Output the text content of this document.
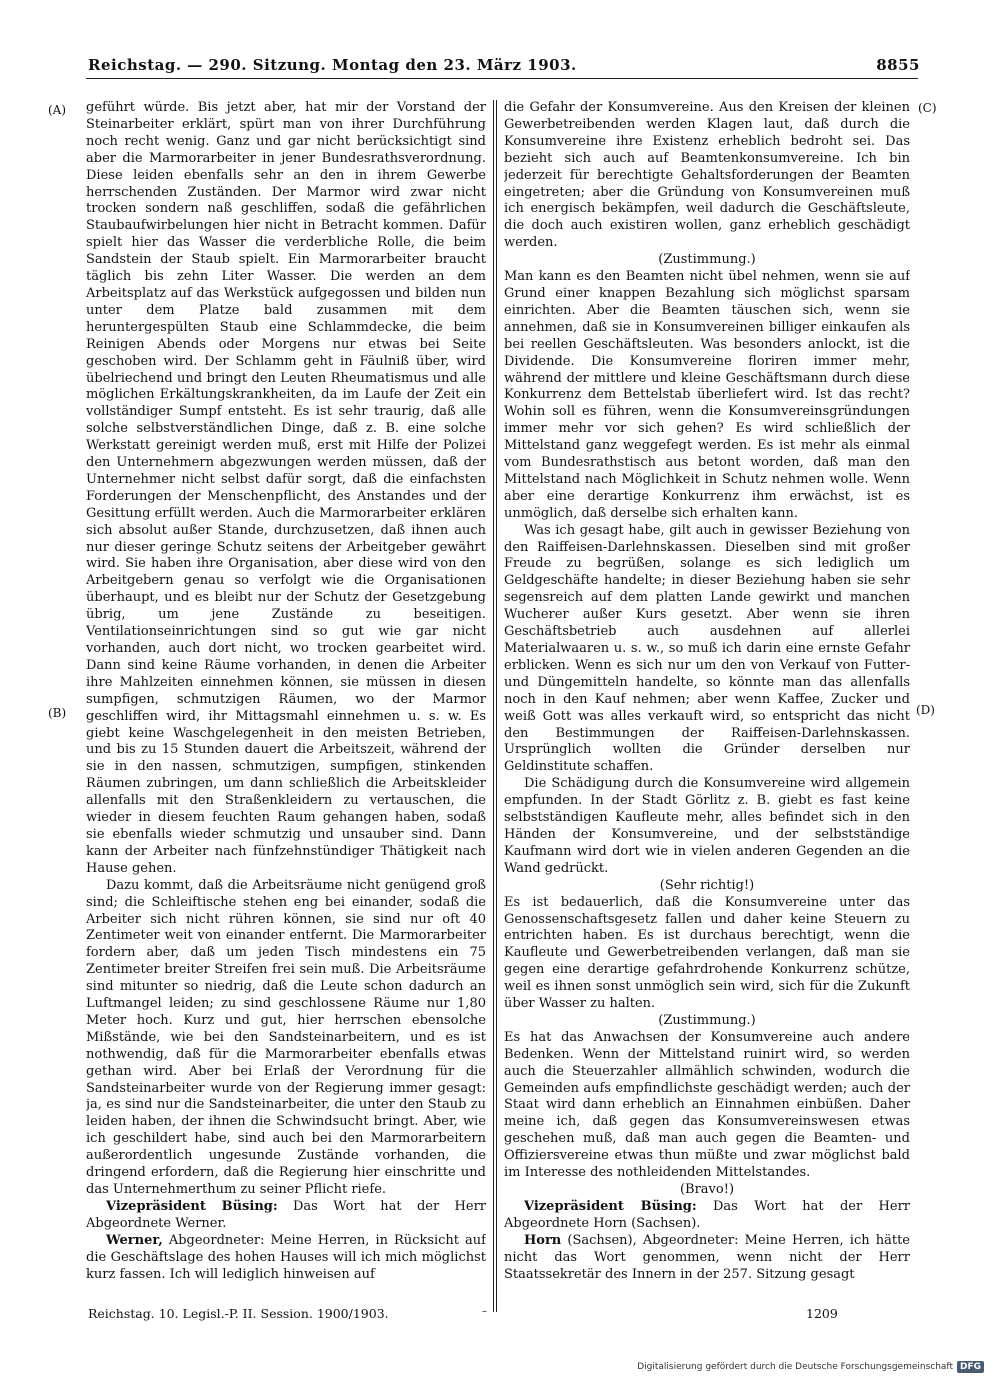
Reichstag. — 290. Sitzung. Montag den 23. März 1903.	8855
(A)
(B)
(C)
(D)

geführt würde. Bis jetzt aber, hat mir der Vorstand der Steinarbeiter erklärt, spürt man von ihrer Durchführung noch recht wenig. Ganz und gar nicht berücksichtigt sind aber die Marmorarbeiter in jener Bundesrathsverordnung. Diese leiden ebenfalls sehr an den in ihrem Gewerbe herrschenden Zuständen. Der Marmor wird zwar nicht trocken sondern naß geschliffen, sodaß die gefährlichen Staubaufwirbelungen hier nicht in Betracht kommen. Dafür spielt hier das Wasser die verderbliche Rolle, die beim Sandstein der Staub spielt. Ein Marmorarbeiter braucht täglich bis zehn Liter Wasser. Die werden an dem Arbeitsplatz auf das Werkstück aufgegossen und bilden nun unter dem Platze bald zusammen mit dem heruntergespülten Staub eine Schlammdecke, die beim Reinigen Abends oder Morgens nur etwas bei Seite geschoben wird. Der Schlamm geht in Fäulniß über, wird übelriechend und bringt den Leuten Rheumatismus und alle möglichen Erkältungskrankheiten, da im Laufe der Zeit ein vollständiger Sumpf entsteht. Es ist sehr traurig, daß alle solche selbstverständlichen Dinge, daß z. B. eine solche Werkstatt gereinigt werden muß, erst mit Hilfe der Polizei den Unternehmern abgezwungen werden müssen, daß der Unternehmer nicht selbst dafür sorgt, daß die einfachsten Forderungen der Menschenpflicht, des Anstandes und der Gesittung erfüllt werden. Auch die Marmorarbeiter erklären sich absolut außer Stande, durchzusetzen, daß ihnen auch nur dieser geringe Schutz seitens der Arbeitgeber gewährt wird. Sie haben ihre Organisation, aber diese wird von den Arbeitgebern genau so verfolgt wie die Organisationen überhaupt, und es bleibt nur der Schutz der Gesetzgebung übrig, um jene Zustände zu beseitigen. Ventilationseinrichtungen sind so gut wie gar nicht vorhanden, auch dort nicht, wo trocken gearbeitet wird. Dann sind keine Räume vorhanden, in denen die Arbeiter ihre Mahlzeiten einnehmen können, sie müssen in diesen sumpfigen, schmutzigen Räumen, wo der Marmor geschliffen wird, ihr Mittagsmahl einnehmen u. s. w. Es giebt keine Waschgelegenheit in den meisten Betrieben, und bis zu 15 Stunden dauert die Arbeitszeit, während der sie in den nassen, schmutzigen, sumpfigen, stinkenden Räumen zubringen, um dann schließlich die Arbeitskleider allenfalls mit den Straßenkleidern zu vertauschen, die wieder in diesem feuchten Raum gehangen haben, sodaß sie ebenfalls wieder schmutzig und unsauber sind. Dann kann der Arbeiter nach fünfzehnstündiger Thätigkeit nach Hause gehen.

Dazu kommt, daß die Arbeitsräume nicht genügend groß sind; die Schleiftische stehen eng bei einander, sodaß die Arbeiter sich nicht rühren können, sie sind nur oft 40 Zentimeter weit von einander entfernt. Die Marmorarbeiter fordern aber, daß um jeden Tisch mindestens ein 75 Zentimeter breiter Streifen frei sein muß. Die Arbeitsräume sind mitunter so niedrig, daß die Leute schon dadurch an Luftmangel leiden; zu sind geschlossene Räume nur 1,80 Meter hoch. Kurz und gut, hier herrschen ebensolche Mißstände, wie bei den Sandsteinarbeitern, und es ist nothwendig, daß für die Marmorarbeiter ebenfalls etwas gethan wird. Aber bei Erlaß der Verordnung für die Sandsteinarbeiter wurde von der Regierung immer gesagt: ja, es sind nur die Sandsteinarbeiter, die unter den Staub zu leiden haben, der ihnen die Schwindsucht bringt. Aber, wie ich geschildert habe, sind auch bei den Marmorarbeitern außerordentlich ungesunde Zustände vorhanden, die dringend erfordern, daß die Regierung hier einschritte und das Unternehmerthum zu seiner Pflicht riefe.

Vizepräsident Büsing: Das Wort hat der Herr Abgeordnete Werner.

Werner, Abgeordneter: Meine Herren, in Rücksicht auf die Geschäftslage des hohen Hauses will ich mich möglichst kurz fassen. Ich will lediglich hinweisen auf

die Gefahr der Konsumvereine. Aus den Kreisen der kleinen Gewerbetreibenden werden Klagen laut, daß durch die Konsumvereine ihre Existenz erheblich bedroht sei. Das bezieht sich auch auf Beamtenkonsumvereine. Ich bin jederzeit für berechtigte Gehaltsforderungen der Beamten eingetreten; aber die Gründung von Konsumvereinen muß ich energisch bekämpfen, weil dadurch die Geschäftsleute, die doch auch existiren wollen, ganz erheblich geschädigt werden.

(Zustimmung.)

Man kann es den Beamten nicht übel nehmen, wenn sie auf Grund einer knappen Bezahlung sich möglichst sparsam einrichten. Aber die Beamten täuschen sich, wenn sie annehmen, daß sie in Konsumvereinen billiger einkaufen als bei reellen Geschäftsleuten. Was besonders anlockt, ist die Dividende. Die Konsumvereine floriren immer mehr, während der mittlere und kleine Geschäftsmann durch diese Konkurrenz dem Bettelstab überliefert wird. Ist das recht? Wohin soll es führen, wenn die Konsumvereinsgründungen immer mehr vor sich gehen? Es wird schließlich der Mittelstand ganz weggefegt werden. Es ist mehr als einmal vom Bundesrathstisch aus betont worden, daß man den Mittelstand nach Möglichkeit in Schutz nehmen wolle. Wenn aber eine derartige Konkurrenz ihm erwächst, ist es unmöglich, daß derselbe sich erhalten kann.

Was ich gesagt habe, gilt auch in gewisser Beziehung von den Raiffeisen-Darlehnskassen. Dieselben sind mit großer Freude zu begrüßen, solange es sich lediglich um Geldgeschäfte handelte; in dieser Beziehung haben sie sehr segensreich auf dem platten Lande gewirkt und manchen Wucherer außer Kurs gesetzt. Aber wenn sie ihren Geschäftsbetrieb auch ausdehnen auf allerlei Materialwaaren u. s. w., so muß ich darin eine ernste Gefahr erblicken. Wenn es sich nur um den von Verkauf von Futter- und Düngemitteln handelte, so könnte man das allenfalls noch in den Kauf nehmen; aber wenn Kaffee, Zucker und weiß Gott was alles verkauft wird, so entspricht das nicht den Bestimmungen der Raiffeisen-Darlehnskassen. Ursprünglich wollten die Gründer derselben nur Geldinstitute schaffen.

Die Schädigung durch die Konsumvereine wird allgemein empfunden. In der Stadt Görlitz z. B. giebt es fast keine selbstständigen Kaufleute mehr, alles befindet sich in den Händen der Konsumvereine, und der selbstständige Kaufmann wird dort wie in vielen anderen Gegenden an die Wand gedrückt.

(Sehr richtig!)

Es ist bedauerlich, daß die Konsumvereine unter das Genossenschaftsgesetz fallen und daher keine Steuern zu entrichten haben. Es ist durchaus berechtigt, wenn die Kaufleute und Gewerbetreibenden verlangen, daß man sie gegen eine derartige gefahrdrohende Konkurrenz schütze, weil es ihnen sonst unmöglich sein wird, sich für die Zukunft über Wasser zu halten.

(Zustimmung.)

Es hat das Anwachsen der Konsumvereine auch andere Bedenken. Wenn der Mittelstand ruinirt wird, so werden auch die Steuerzahler allmählich schwinden, wodurch die Gemeinden aufs empfindlichste geschädigt werden; auch der Staat wird dann erheblich an Einnahmen einbüßen. Daher meine ich, daß gegen das Konsumvereinswesen etwas geschehen muß, daß man auch gegen die Beamten- und Offiziersvereine etwas thun müßte und zwar möglichst bald im Interesse des nothleidenden Mittelstandes.

(Bravo!)

Vizepräsident Büsing: Das Wort hat der Herr Abgeordnete Horn (Sachsen).

Horn (Sachsen), Abgeordneter: Meine Herren, ich hätte nicht das Wort genommen, wenn nicht der Herr Staatssekretär des Innern in der 257. Sitzung gesagt

Reichstag. 10. Legisl.-P. II. Session. 1900/1903.	–	1209
Digitalisierung gefördert durch die Deutsche Forschungsgemeinschaft DFG
